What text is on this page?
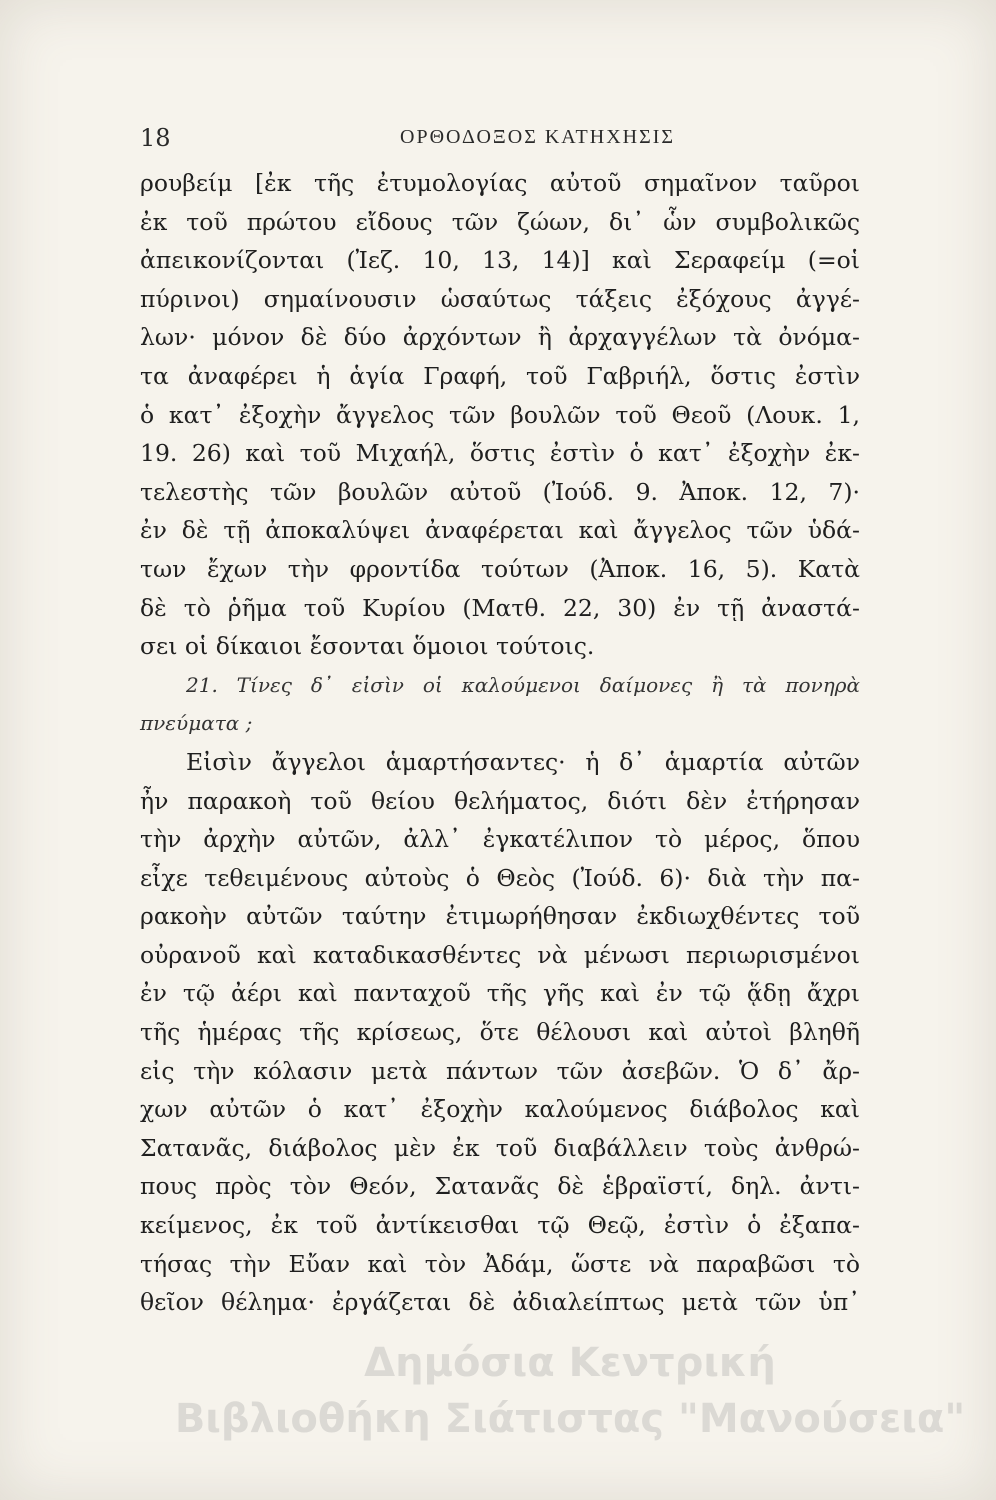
18	ΟΡΘΟΔΟΞΟΣ ΚΑΤΗΧΗΣΙΣ
ρουβείμ [ἐκ τῆς ἐτυμολογίας αὐτοῦ σημαῖνον ταῦροι
ἐκ τοῦ πρώτου εἴδους τῶν ζώων, δι᾽ ὧν συμβολικῶς
ἀπεικονίζονται (Ἰεζ. 10, 13, 14)] καὶ Σεραφείμ (=οἱ
πύρινοι) σημαίνουσιν ὡσαύτως τάξεις ἐξόχους ἀγγέ-
λων· μόνον δὲ δύο ἀρχόντων ἢ ἀρχαγγέλων τὰ ὀνόμα-
τα ἀναφέρει ἡ ἁγία Γραφή, τοῦ Γαβριήλ, ὅστις ἐστὶν
ὁ κατ᾽ ἐξοχὴν ἄγγελος τῶν βουλῶν τοῦ Θεοῦ (Λουκ. 1,
19. 26) καὶ τοῦ Μιχαήλ, ὅστις ἐστὶν ὁ κατ᾽ ἐξοχὴν ἐκ-
τελεστὴς τῶν βουλῶν αὐτοῦ (Ἰούδ. 9. Ἀποκ. 12, 7)·
ἐν δὲ τῇ ἀποκαλύψει ἀναφέρεται καὶ ἄγγελος τῶν ὑδά-
των ἔχων τὴν φροντίδα τούτων (Ἀποκ. 16, 5). Κατὰ
δὲ τὸ ῥῆμα τοῦ Κυρίου (Ματθ. 22, 30) ἐν τῇ ἀναστά-
σει οἱ δίκαιοι ἔσονται ὅμοιοι τούτοις.
21. Τίνες δ᾽ εἰσὶν οἱ καλούμενοι δαίμονες ἢ τὰ πονηρὰ
πνεύματα ;
Εἰσὶν ἄγγελοι ἁμαρτήσαντες· ἡ δ᾽ ἁμαρτία αὐτῶν
ἦν παρακοὴ τοῦ θείου θελήματος, διότι δὲν ἐτήρησαν
τὴν ἀρχὴν αὐτῶν, ἀλλ᾽ ἐγκατέλιπον τὸ μέρος, ὅπου
εἶχε τεθειμένους αὐτοὺς ὁ Θεὸς (Ἰούδ. 6)· διὰ τὴν πα-
ρακοὴν αὐτῶν ταύτην ἐτιμωρήθησαν ἐκδιωχθέντες τοῦ
οὐρανοῦ καὶ καταδικασθέντες νὰ μένωσι περιωρισμένοι
ἐν τῷ ἀέρι καὶ πανταχοῦ τῆς γῆς καὶ ἐν τῷ ᾅδῃ ἄχρι
τῆς ἡμέρας τῆς κρίσεως, ὅτε θέλουσι καὶ αὐτοὶ βληθῆ
εἰς τὴν κόλασιν μετὰ πάντων τῶν ἀσεβῶν. Ὁ δ᾽ ἄρ-
χων αὐτῶν ὁ κατ᾽ ἐξοχὴν καλούμενος διάβολος καὶ
Σατανᾶς, διάβολος μὲν ἐκ τοῦ διαβάλλειν τοὺς ἀνθρώ-
πους πρὸς τὸν Θεόν, Σατανᾶς δὲ ἑβραϊστί, δηλ. ἀντι-
κείμενος, ἐκ τοῦ ἀντίκεισθαι τῷ Θεῷ, ἐστὶν ὁ ἐξαπα-
τήσας τὴν Εὔαν καὶ τὸν Ἀδάμ, ὥστε νὰ παραβῶσι τὸ
θεῖον θέλημα· ἐργάζεται δὲ ἀδιαλείπτως μετὰ τῶν ὑπ᾽
Δημόσια Κεντρική
Βιβλιοθήκη Σιάτιστας "Μανούσεια"
